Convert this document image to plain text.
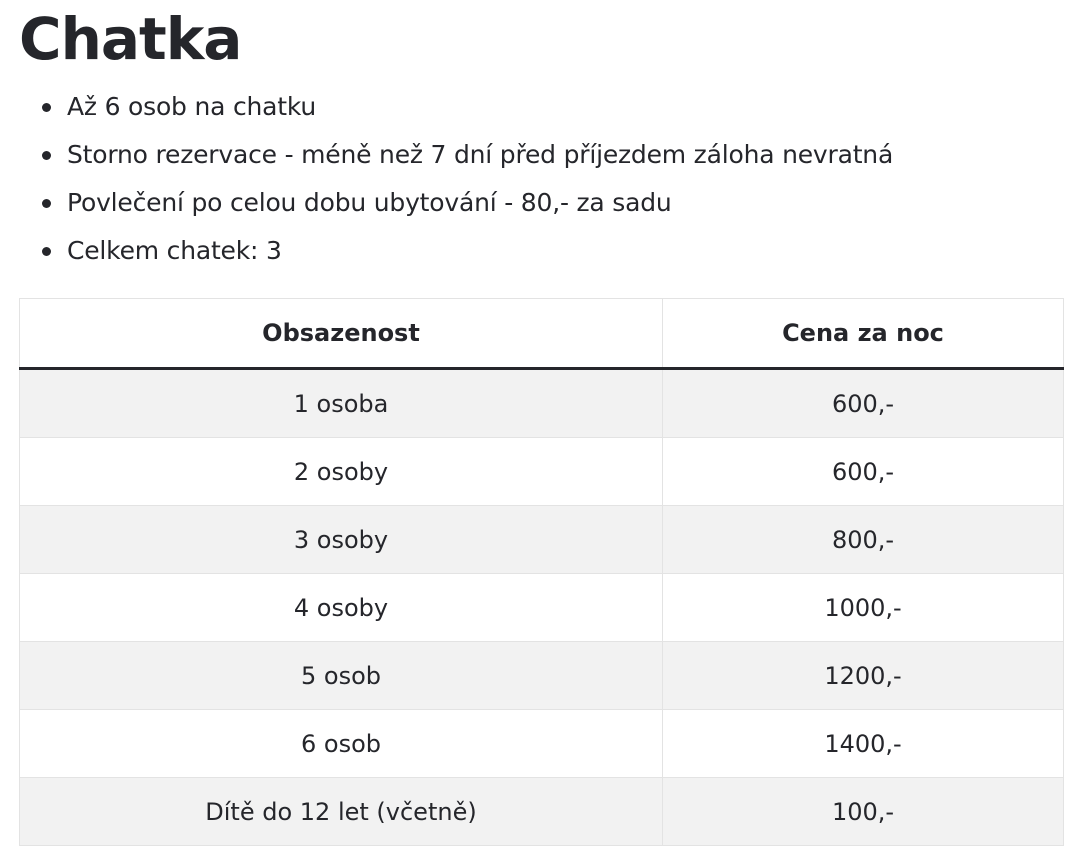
Chatka
Až 6 osob na chatku
Storno rezervace - méně než 7 dní před příjezdem záloha nevratná
Povlečení po celou dobu ubytování - 80,- za sadu
Celkem chatek: 3
Obsazenost	Cena za noc
1 osoba	600,-
2 osoby	600,-
3 osoby	800,-
4 osoby	1000,-
5 osob	1200,-
6 osob	1400,-
Dítě do 12 let (včetně)	100,-
